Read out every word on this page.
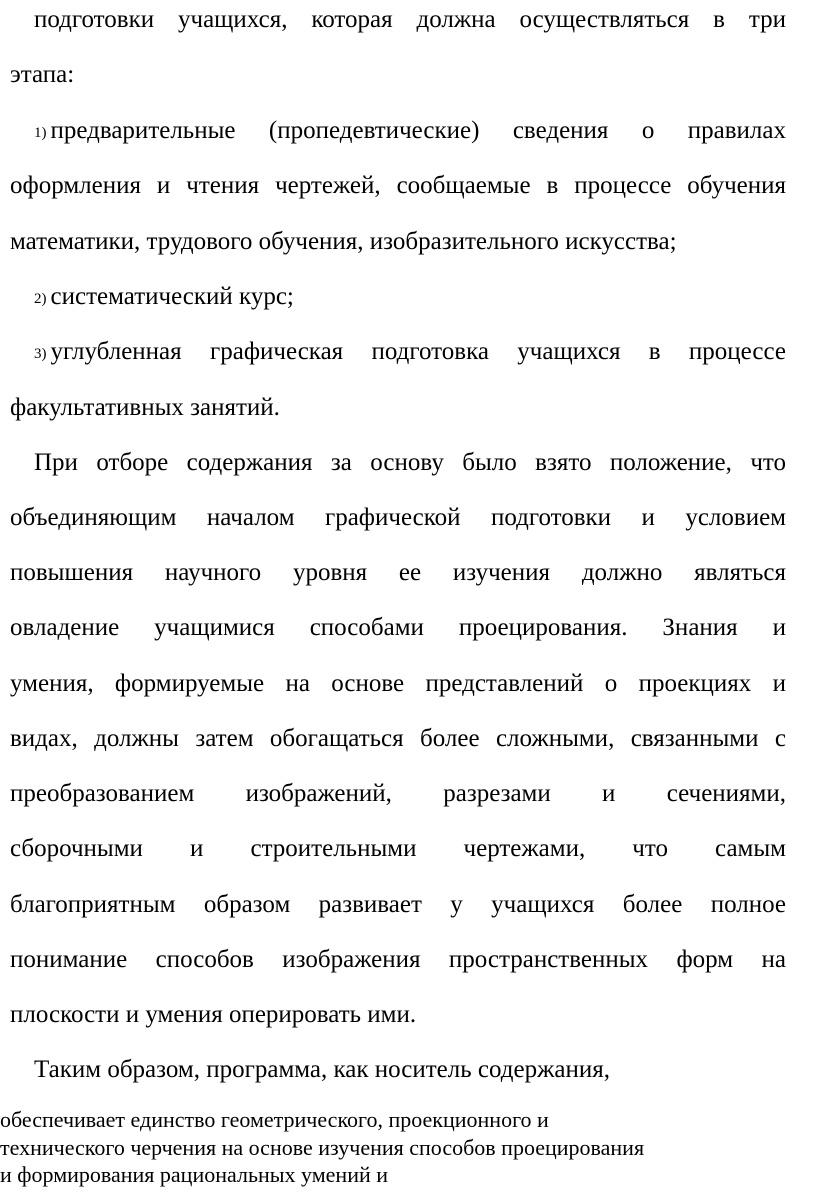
подготовки учащихся, которая должна осуществляться в три

этапа:

1) предварительные (пропедевтические) сведения о правилах

оформления и чтения чертежей, сообщаемые в процессе обучения

математики, трудового обучения, изобразительного искусства;

2) систематический курс;

3) углубленная графическая подготовка учащихся в процессе

факультативных занятий.

При отборе содержания за основу было взято положение, что

объединяющим началом графической подготовки и условием

повышения научного уровня ее изучения должно являться

овладение учащимися способами проецирования. Знания и

умения, формируемые на основе представлений о проекциях и

видах, должны затем обогащаться более сложными, связанными с

преобразованием изображений, разрезами и сечениями,

сборочными и строительными чертежами, что самым

благоприятным образом развивает у учащихся более полное

понимание способов изображения пространственных форм на

плоскости и умения оперировать ими.

Таким образом, программа, как носитель содержания,

обеспечивает единство геометрического, проекционного и

технического черчения на основе изучения способов проецирования

и формирования рациональных умений и
